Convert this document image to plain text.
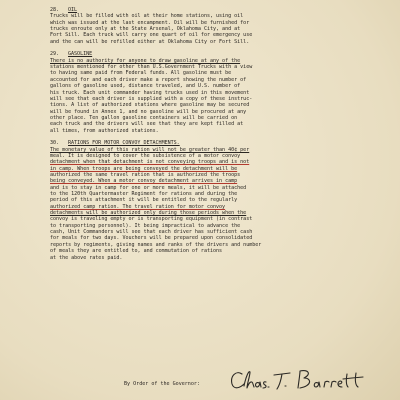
28.	OIL
Trucks will be filled with oil at their home stations, using oil
which was issued at the last encampment. Oil will be furnished for
trucks enroute only at the State Arsenal, Oklahoma City, and at
Fort Sill. Each truck will carry one quart of oil for emergency use
and the can will be refilled either at Oklahoma City or Fort Sill.
29.	GASOLINE
There is no authority for anyone to draw gasoline at any of the
stations mentioned for other than U.S.Government Trucks with a view
to having same paid from Federal funds. All gasoline must be
accounted for and each driver make a report showing the number of
gallons of gasoline used, distance traveled, and U.S. number of
his truck. Each unit commander having trucks used in this movement
will see that each driver is supplied with a copy of these instruc-
tions. A list of authorized stations where gasoline may be secured
will be found in Annex 1, and no gasoline will be procured at any
other place. Ten gallon gasoline containers will be carried on
each truck and the drivers will see that they are kept filled at
all times, from authorized stations.
30.	RATIONS FOR MOTOR CONVOY DETACHMENTS.
The monetary value of this ration will not be greater than 40¢ per
meal. It is designed to cover the subsistence of a motor convoy
detachment when that detachment is not conveying troops and is not
in camp. When troops are being conveyed the detachment will be
authorized the same travel ration that is authorized the troops
being conveyed. When a motor convoy detachment arrives in camp
and is to stay in camp for one or more meals, it will be attached
to the 120th Quartermaster Regiment for rations and during the
period of this attachment it will be entitled to the regularly
authorized camp ration. The travel ration for motor convoy
detachments will be authorized only during those periods when the
convoy is traveling empty or is transporting equipment (in contrast
to transporting personnel). It being impractical to advance the
cash, Unit Commanders will see that each driver has sufficient cash
for meals for two days. Vouchers will be prepared upon consolidated
reports by regiments, giving names and ranks of the drivers and number
of meals they are entitled to, and commutation of rations
at the above rates paid.
By Order of the Governor:
